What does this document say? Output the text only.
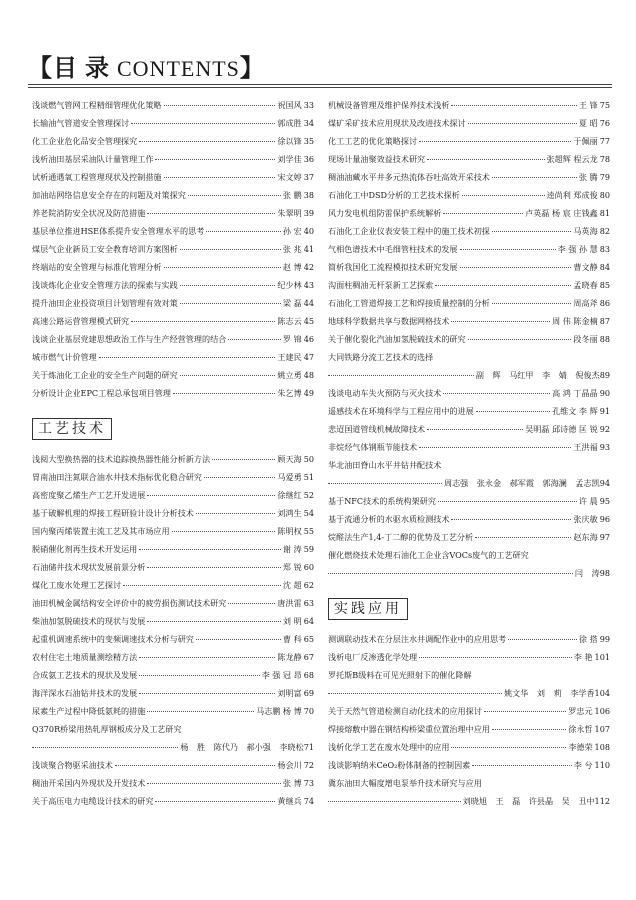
【目 录 CONTENTS】
浅谈燃气管网工程精细管理优化策略	祝国风 33
长输油气管道安全管理探讨	郭成胜 34
化工企业危化品安全管理探究	徐以锋 35
浅析油田基层采油队计量管理工作	刘学佳 36
试析通遇氧工程管理现状及控制措施	宋文婷 37
加油站网络信息安全存在的问题及对策探究	张 鹏 38
养老院消防安全状况及防范措施	朱翠明 39
基层单位推进HSE体系提升安全管理水平的思考	孙 宏 40
煤层气企业新员工安全教育培训方案图析	张 兆 41
终端站的安全管理与标准化管理分析	赵 博 42
浅谈炼化企业安全管理方法的探索与实践	纪少林 43
提升油田企业投资项目计划管理有效对策	梁 磊 44
高速公路运营管理模式研究	陈志云 45
浅谈企业基层党建思想政治工作与生产经营管理的结合	罗 锦 46
城市燃气计价管理	王建民 47
关于炼油化工企业的安全生产问题的研究	姚立勇 48
分析设计企业EPC工程总承包项目管理	朱乞博 49
工艺技术
浅阅大型换热器的技术追踪换热器性能分析新方法	顾天海 50
胃南油田注氮联合油水井技术指标优化稳合研究	马爱勇 51
高密度聚乙烯生产工艺开发进展	徐继红 52
基于破解机理的焊接工程研验计设计分析技术	刘鸿生 54
国内聚丙烯装置主流工艺及其市场应用	陈明权 55
脱硝催化剂再生技术开发运用	谢 涛 59
石油储井技术现状发展前景分析	郑 锐 60
煤化工废水处理工艺探讨	沈 超 62
油田机械金属结构安全评价中的疲劳损伤测试技术研究	唐洪雷 63
柴油加氢脱硫技术的现状与发展	刘 明 64
起重机调速系统中的变频调速技术分析与研究	曹 科 65
农村住宅土地质量测绘精方法	陈龙静 67
合成氨工艺技术的现状及发展	李 强 冠 昂 68
海洋深水石油钻井技术的发展	刘明富 69
尿素生产过程中降低氨耗的措施	马志鹏 杨 博 70
Q370R桥梁用热轧厚钢板成分及工艺研究
杨 胜 陈代乃 郝小强 李晓松 71
浅谈聚合物驱采油技术	杨会川 72
稠油开采国内外现状及开发技术	张 博 73
关于高压电力电缆设计技术的研究	黄继兵 74
机械设备管理及维护保养技术浅析	王 锋 75
煤矿采矿技术应用现状及改进技术探讨	夏 昭 76
化工工艺的优化策略探讨	于佩丽 77
现场计量油聚效益技术研究	张超辉 程云龙 78
稠油油藏水平井多元热流体吞吐高效开采技术	张 腾 79
石油化工中DSD分析的工艺技术探析	逵尚利 郑成俊 80
风力发电机组防雷保护系统解析	卢英磊 杨 宸 庄钱鑫 81
石油化工企业仪表安装工程中的施工技术初探	马英海 82
气相色谱技术中毛细管柱技术的发展	李 强 孙 慧 83
简析我国化工流程模拟技术研究发展	曹文静 84
沟面柱稠油无杆泵新工艺探索	孟晓春 85
石油化工管道焊接工艺和焊接质量控制的分析	周高斧 86
地球科学数据共享与数据网格技术	周 伟 陈金楠 87
关于催化裂化汽油加氢脱硫技术的研究	段冬丽 88
大同铁路分流工艺技术的选择
副 辉 马红甲 李 婧 倪俊杰 89
浅谈电动车失火预防与灭火技术	高 鸿 丁晶晶 90
遥感技术在环境科学与工程应用中的进展	孔维文 李 辉 91
悲迢国道管线机械故障技术	吴明磊 邱诗德 匡 锐 92
非烷烃气体钢瓶节能技术	王洪福 93
华北油田脊山水平井钻井配技术
周志强 张永金 郝军霞 郭海澜 孟志凯 94
基于NFC技术的系统构架研究	许 晨 95
基于流通分析的水驱水质检测技术	张庆敏 96
烷醛法生产1,4-丁二醇的优势及工艺分析	赵东海 97
催化燃烧技术处理石油化工企业含VOCs废气的工艺研究
闫 涛 98
实践应用
测调联动技术在分层注水井调配作业中的应用思考	徐 搭 99
浅析电厂反渗透化学处理	李 艳 101
罗托斯B级料在可见光照射下的催化降解
姚文华 刘 莉 李学香 104
关于天然气管道检测自动化技术的应用探讨	罗忠元 106
焊接熔敷中器在钢结构桥梁重位置治理中应用	徐永哲 107
浅析化学工艺在废水处理中的应用	李德荣 108
浅谈影响纳米CeO₂粉体制备的控制因素	李 兮 110
冀东油田大幅度增电泵举升技术研究与应用
刘晓旭 王 磊 许县晶 吴 丑中 112
